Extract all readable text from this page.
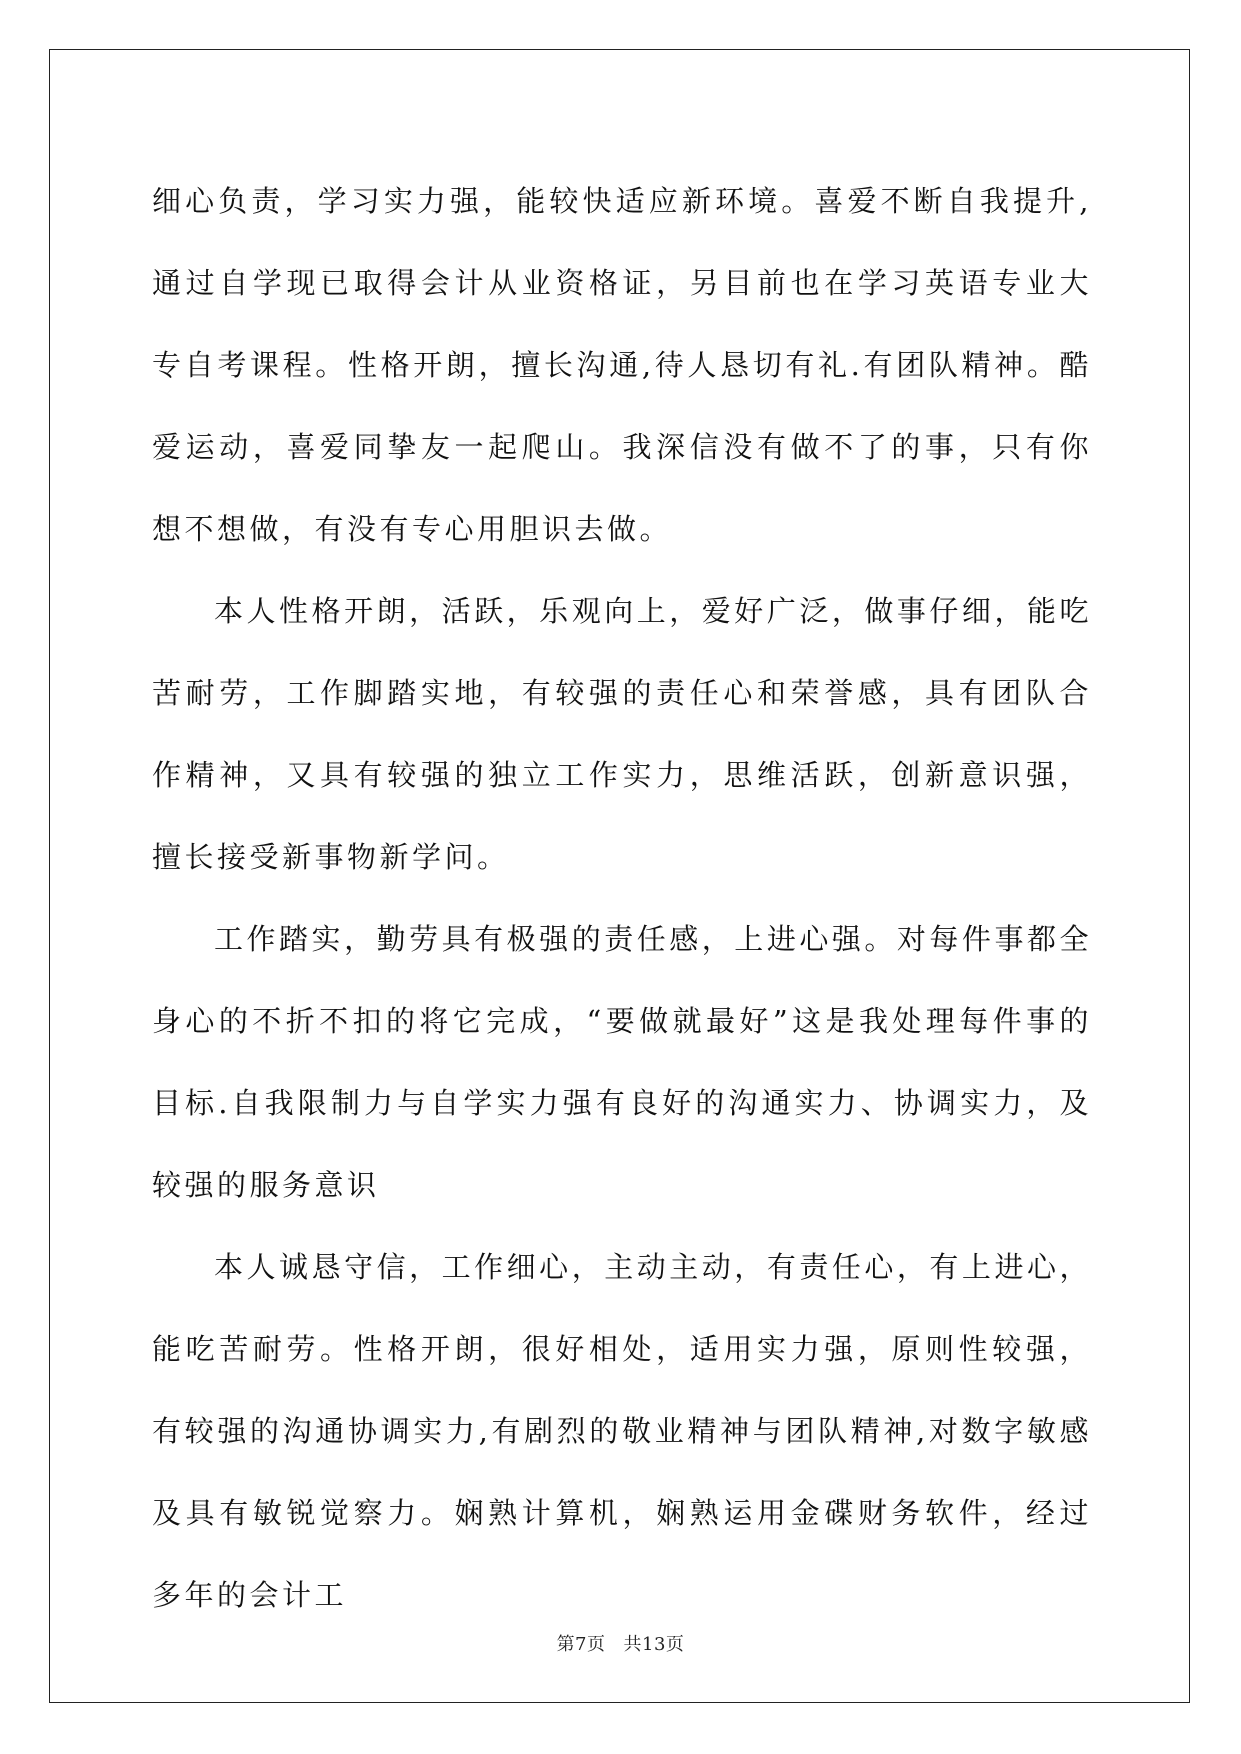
细心负责，学习实力强，能较快适应新环境。喜爱不断自我提升,通过自学现已取得会计从业资格证，另目前也在学习英语专业大专自考课程。性格开朗，擅长沟通,待人恳切有礼.有团队精神。酷爱运动，喜爱同挚友一起爬山。我深信没有做不了的事，只有你想不想做，有没有专心用胆识去做。

本人性格开朗，活跃，乐观向上，爱好广泛，做事仔细，能吃苦耐劳，工作脚踏实地，有较强的责任心和荣誉感，具有团队合作精神，又具有较强的独立工作实力，思维活跃，创新意识强，擅长接受新事物新学问。

工作踏实，勤劳具有极强的责任感，上进心强。对每件事都全身心的不折不扣的将它完成，“要做就最好”这是我处理每件事的目标.自我限制力与自学实力强有良好的沟通实力、协调实力，及较强的服务意识

本人诚恳守信，工作细心，主动主动，有责任心，有上进心，能吃苦耐劳。性格开朗，很好相处，适用实力强，原则性较强，有较强的沟通协调实力,有剧烈的敬业精神与团队精神,对数字敏感及具有敏锐觉察力。娴熟计算机，娴熟运用金碟财务软件，经过多年的会计工

第7页 共13页
